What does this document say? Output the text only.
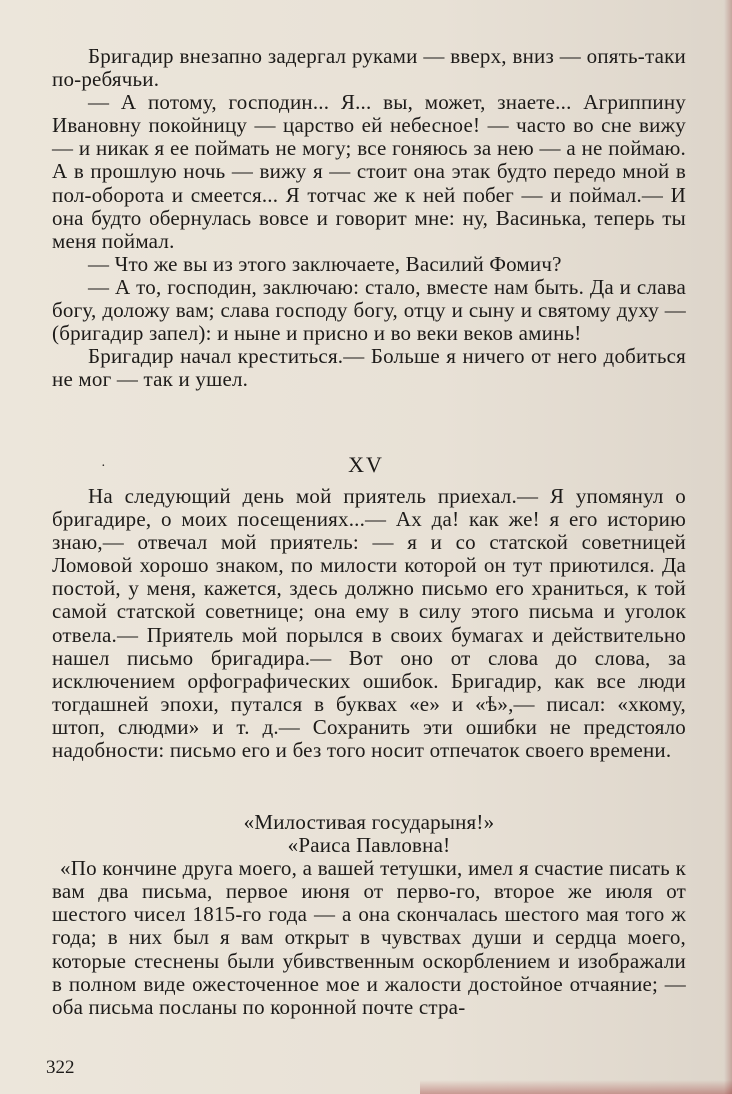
Бригадир внезапно задергал руками — вверх, вниз — опять-таки по-ребячьи.

— А потому, господин... Я... вы, может, знаете... Агриппину Ивановну покойницу — царство ей небесное! — часто во сне вижу — и никак я ее поймать не могу; все гоняюсь за нею — а не поймаю. А в прошлую ночь — вижу я — стоит она этак будто передо мной в пол-оборота и смеется... Я тотчас же к ней побег — и поймал.— И она будто обернулась вовсе и говорит мне: ну, Васинька, теперь ты меня поймал.

— Что же вы из этого заключаете, Василий Фомич?

— А то, господин, заключаю: стало, вместе нам быть. Да и слава богу, доложу вам; слава господу богу, отцу и сыну и святому духу — (бригадир запел): и ныне и присно и во веки веков аминь!

Бригадир начал креститься.— Больше я ничего от него добиться не мог — так и ушел.

·	XV

На следующий день мой приятель приехал.— Я упомянул о бригадире, о моих посещениях...— Ах да! как же! я его историю знаю,— отвечал мой приятель: — я и со статской советницей Ломовой хорошо знаком, по милости которой он тут приютился. Да постой, у меня, кажется, здесь должно письмо его храниться, к той самой статской советнице; она ему в силу этого письма и уголок отвела.— Приятель мой порылся в своих бумагах и действительно нашел письмо бригадира.— Вот оно от слова до слова, за исключением орфографических ошибок. Бригадир, как все люди тогдашней эпохи, путался в буквах «е» и «ѣ»,— писал: «хкому, штоп, слюдми» и т. д.— Сохранить эти ошибки не предстояло надобности: письмо его и без того носит отпечаток своего времени.

«Милостивая государыня!»

«Раиса Павловна!

«По кончине друга моего, а вашей тетушки, имел я счастие писать к вам два письма, первое июня от перво-го, второе же июля от шестого чисел 1815-го года — а она скончалась шестого мая того ж года; в них был я вам открыт в чувствах души и сердца моего, которые стеснены были убивственным оскорблением и изображали в полном виде ожесточенное мое и жалости достойное отчаяние; — оба письма посланы по коронной почте стра-

322
